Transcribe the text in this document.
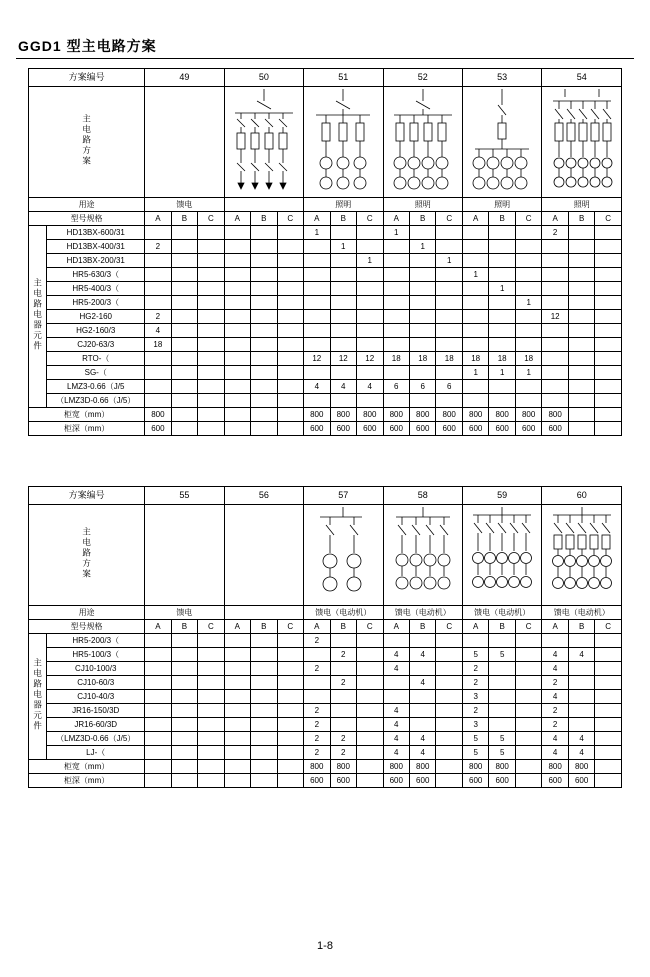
GGD1 型主电路方案
方案编号		49			50			51			52			53			54		
主电路方案		

用途		馈电						照明			照明			照明			照明		
型号规格		A	B	C	A	B	C	A	B	C	A	B	C	A	B	C	A	B	C
主电路电器元件	HD13BX-600/31							1			1						2		
	HD13BX-400/31	2							1			1							
	HD13BX-200/31									1			1						
	HR5-630/3（													1					
	HR5-400/3（														1				
	HR5-200/3（															1			
	HG2-160	2															12		
	HG2-160/3	4																	
	CJ20-63/3	18																	
	RTO-（							12	12	12	18	18	18	18	18	18			
	SG-（													1	1	1			
	LMZ3-0.66（J/5							4	4	4	6	6	6						
	（LMZ3D-0.66（J/5）																		
柜宽（mm）		800						800	800	800	800	800	800	800	800	800	800		
柜深（mm）		600						600	600	600	600	600	600	600	600	600	600		
方案编号		55			56			57			58			59			60		
主电路方案			

用途		馈电						馈电（电动机）			馈电（电动机）			馈电（电动机）			馈电（电动机）		
型号规格		A	B	C	A	B	C	A	B	C	A	B	C	A	B	C	A	B	C
主电路电器元件	HR5-200/3（							2											
	HR5-100/3（								2		4	4		5	5		4	4	
	CJ10-100/3							2			4			2			4		
	CJ10-60/3								2			4		2			2		
	CJ10-40/3													3			4		
	JR16-150/3D							2			4			2			2		
	JR16-60/3D							2			4			3			2		
	（LMZ3D-0.66（J/5）							2	2		4	4		5	5		4	4	
	LJ-（							2	2		4	4		5	5		4	4	
柜宽（mm）								800	800		800	800		800	800		800	800	
柜深（mm）								600	600		600	600		600	600		600	600	
1-8
